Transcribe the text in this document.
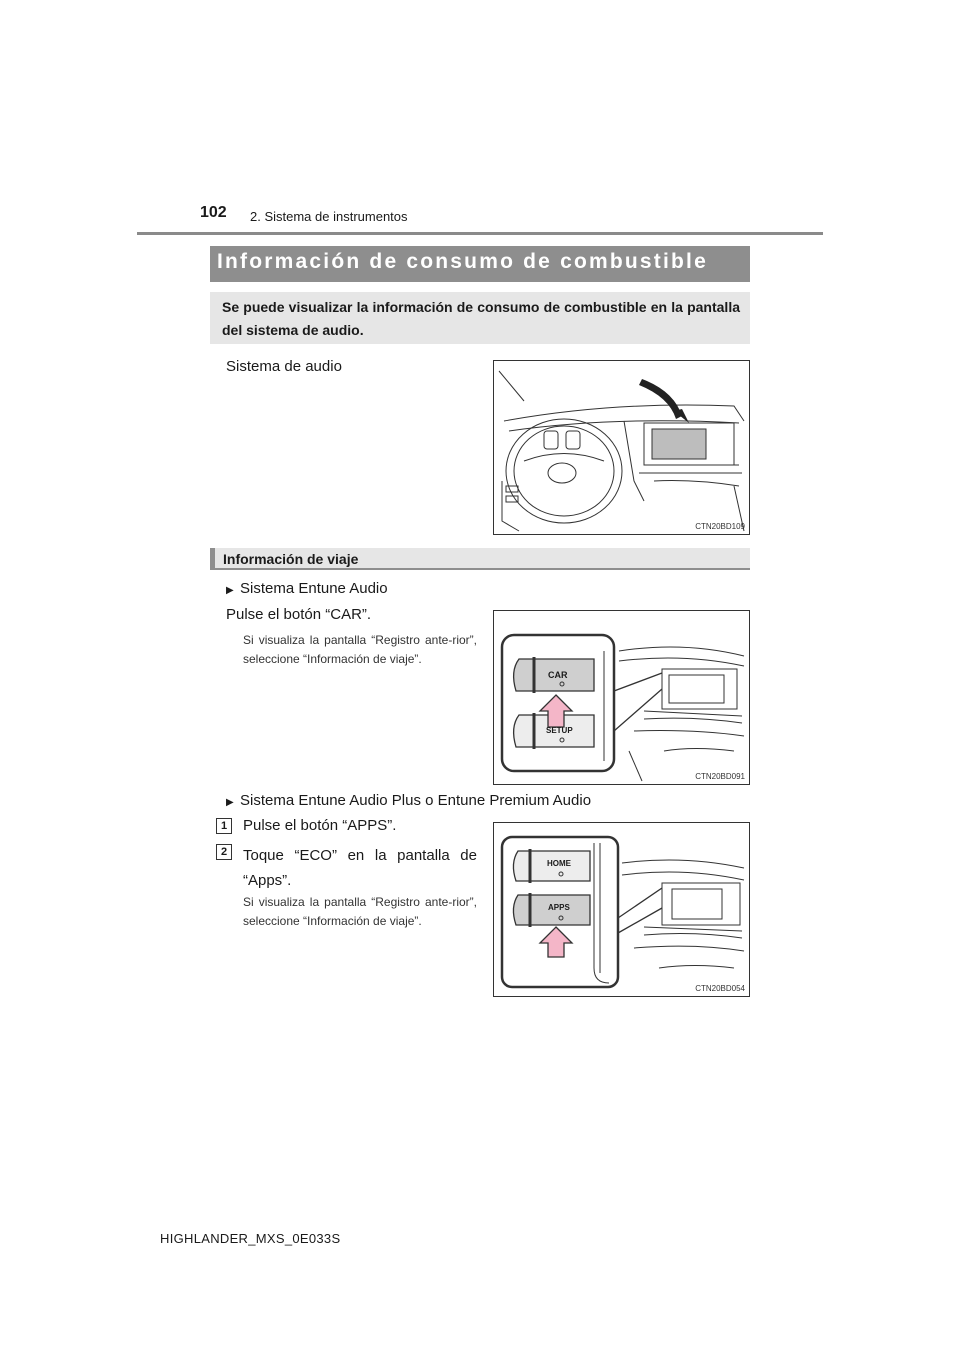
102 2. Sistema de instrumentos
Información de consumo de combustible
Se puede visualizar la información de consumo de combustible en la pantalla del sistema de audio.
Sistema de audio
CTN20BD109
Información de viaje
▶ Sistema Entune Audio
Pulse el botón “CAR”.
Si visualiza la pantalla “Registro ante-rior”, seleccione “Información de viaje”.
CAR
SETUP
CTN20BD091
▶ Sistema Entune Audio Plus o Entune Premium Audio
1	Pulse el botón “APPS”.
2	Toque “ECO” en la pantalla de “Apps”.
Si visualiza la pantalla “Registro ante-rior”, seleccione “Información de viaje”.
HOME
APPS
CTN20BD054
HIGHLANDER_MXS_0E033S
